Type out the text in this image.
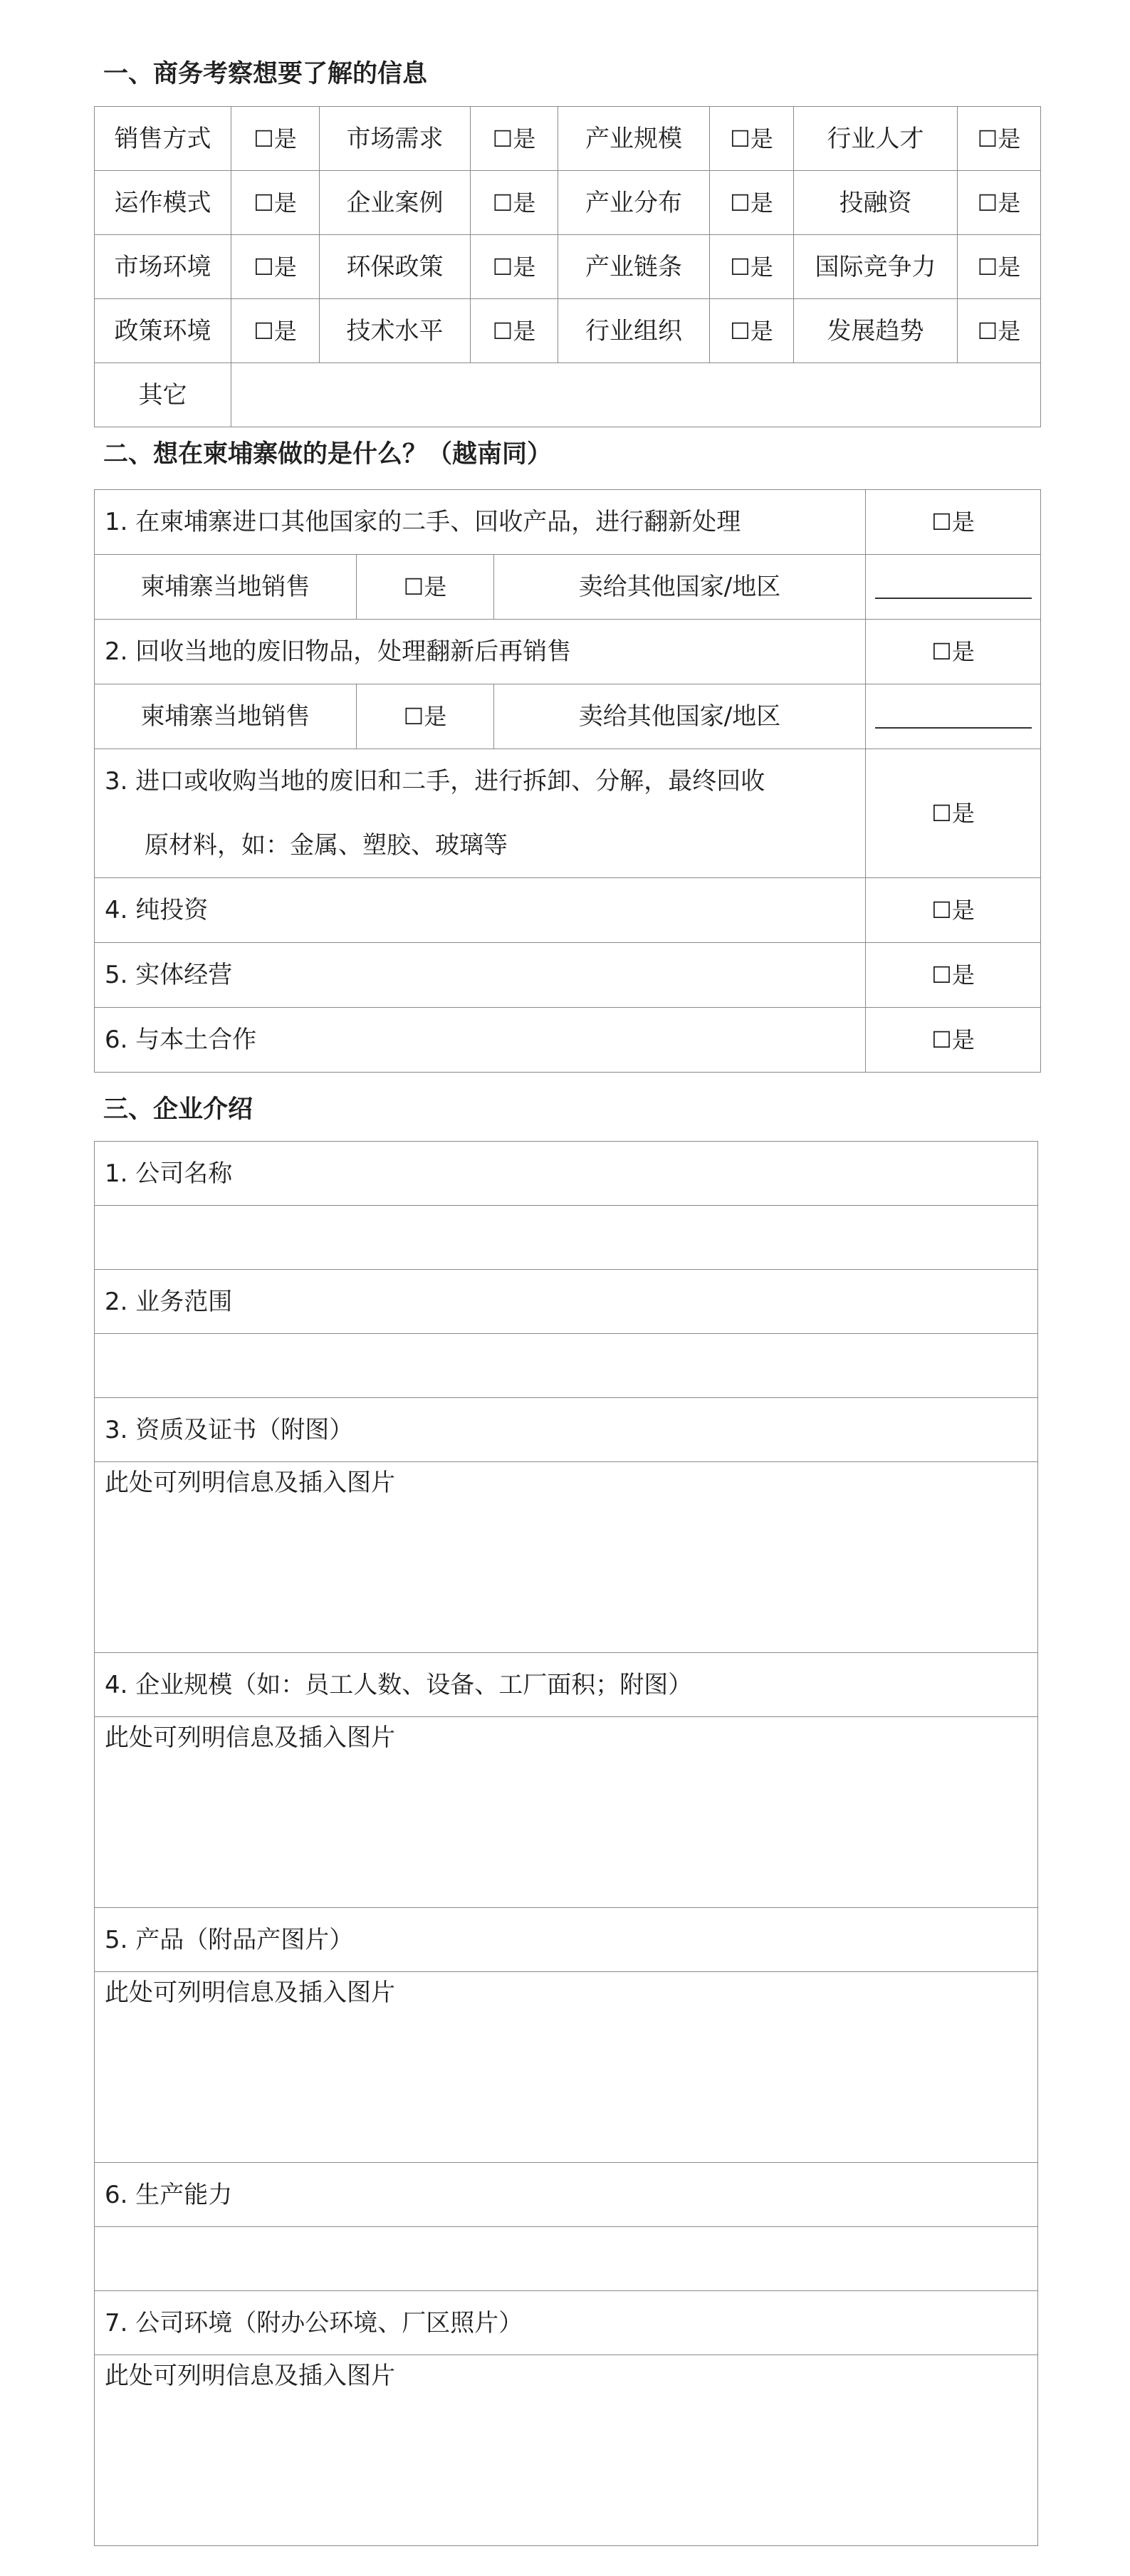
一、商务考察想要了解的信息
销售方式	☐是	市场需求	☐是	产业规模	☐是	行业人才	☐是
运作模式	☐是	企业案例	☐是	产业分布	☐是	投融资	☐是
市场环境	☐是	环保政策	☐是	产业链条	☐是	国际竞争力	☐是
政策环境	☐是	技术水平	☐是	行业组织	☐是	发展趋势	☐是
其它							
二、想在柬埔寨做的是什么？（越南同）
1. 在柬埔寨进口其他国家的二手、回收产品，进行翻新处理			☐是
柬埔寨当地销售	☐是	卖给其他国家/地区	
2. 回收当地的废旧物品，处理翻新后再销售			☐是
柬埔寨当地销售	☐是	卖给其他国家/地区	

3. 进口或收购当地的废旧和二手，进行拆卸、分解，最终回收
原材料，如：金属、塑胶、玻璃等			☐是
4. 纯投资			☐是
5. 实体经营			☐是
6. 与本土合作			☐是
三、企业介绍
1. 公司名称

2. 业务范围

3. 资质及证书（附图）
此处可列明信息及插入图片
4. 企业规模（如：员工人数、设备、工厂面积；附图）
此处可列明信息及插入图片
5. 产品（附品产图片）
此处可列明信息及插入图片
6. 生产能力

7. 公司环境（附办公环境、厂区照片）
此处可列明信息及插入图片
